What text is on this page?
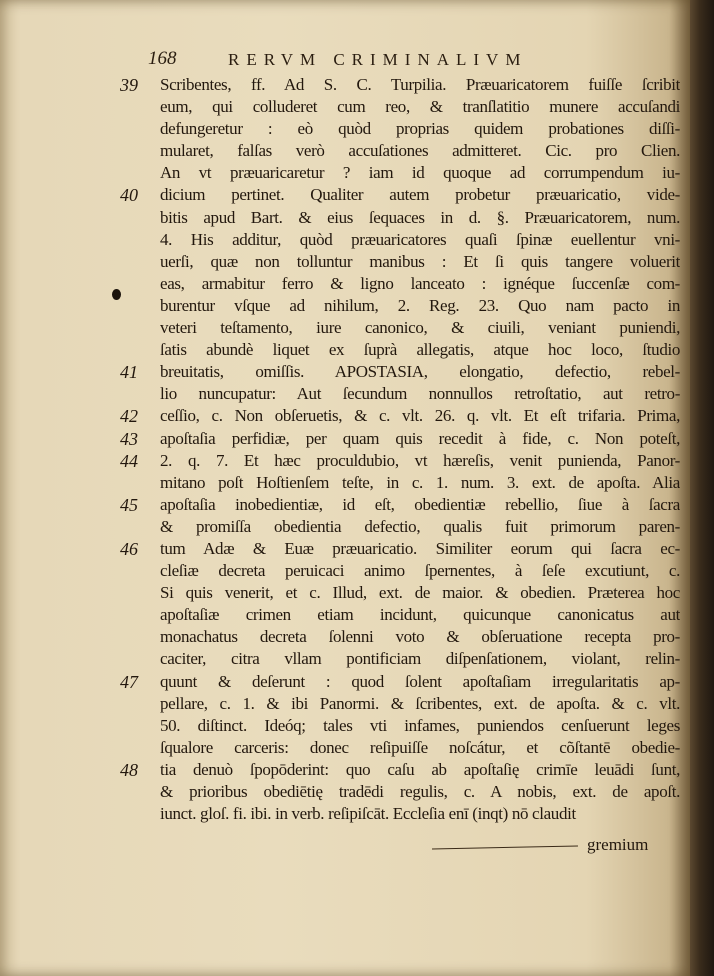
168	RERVM CRIMINALIVM
39	Scribentes, ff. Ad S. C. Turpilia. Præuaricatorem fuiſſe ſcribit
eum, qui colluderet cum reo, & tranſlatitio munere accuſandi
defungeretur : eò quòd proprias quidem probationes diſſi-
mularet, falſas verò accuſationes admitteret. Cic. pro Clien.
An vt præuaricaretur ? iam id quoque ad corrumpendum iu-
40	dicium pertinet. Qualiter autem probetur præuaricatio, vide-
bitis apud Bart. & eius ſequaces in d. §. Præuaricatorem, num.
4. His additur, quòd præuaricatores quaſi ſpinæ euellentur vni-
uerſi, quæ non tolluntur manibus : Et ſi quis tangere voluerit
eas, armabitur ferro & ligno lanceato : ignéque ſuccenſæ com-
burentur vſque ad nihilum, 2. Reg. 23. Quo nam pacto in
veteri teſtamento, iure canonico, & ciuili, veniant puniendi,
ſatis abundè liquet ex ſuprà allegatis, atque hoc loco, ſtudio
41	breuitatis, omiſſis. APOSTASIA, elongatio, defectio, rebel-
lio nuncupatur: Aut ſecundum nonnullos retroſtatio, aut retro-
42	ceſſio, c. Non obſeruetis, & c. vlt. 26. q. vlt. Et eſt trifaria. Prima,
43	apoſtaſia perfidiæ, per quam quis recedit à fide, c. Non poteſt,
44	2. q. 7. Et hæc proculdubio, vt hæreſis, venit punienda, Panor-
mitano poſt Hoſtienſem teſte, in c. 1. num. 3. ext. de apoſta. Alia
45	apoſtaſia inobedientiæ, id eſt, obedientiæ rebellio, ſiue à ſacra
& promiſſa obedientia defectio, qualis fuit primorum paren-
46	tum Adæ & Euæ præuaricatio. Similiter eorum qui ſacra ec-
cleſiæ decreta peruicaci animo ſpernentes, à ſeſe excutiunt, c.
Si quis venerit, et c. Illud, ext. de maior. & obedien. Præterea hoc
apoſtaſiæ crimen etiam incidunt, quicunque canonicatus aut
monachatus decreta ſolenni voto & obſeruatione recepta pro-
caciter, citra vllam pontificiam diſpenſationem, violant, relin-
47	quunt & deſerunt : quod ſolent apoſtaſiam irregularitatis ap-
pellare, c. 1. & ibi Panormi. & ſcribentes, ext. de apoſta. & c. vlt.
50. diſtinct. Ideóq; tales vti infames, puniendos cenſuerunt leges
ſqualore carceris: donec reſipuiſſe noſcátur, et cõſtantē obedie-
48	tia denuò ſpopōderint: quo caſu ab apoſtaſię crimīe leuādi ſunt,
& prioribus obediētię tradēdi regulis, c. A nobis, ext. de apoſt.
iunct. gloſ. fi. ibi. in verb. reſipiſcāt. Eccleſia enī (inqt) nō claudit
gremium
